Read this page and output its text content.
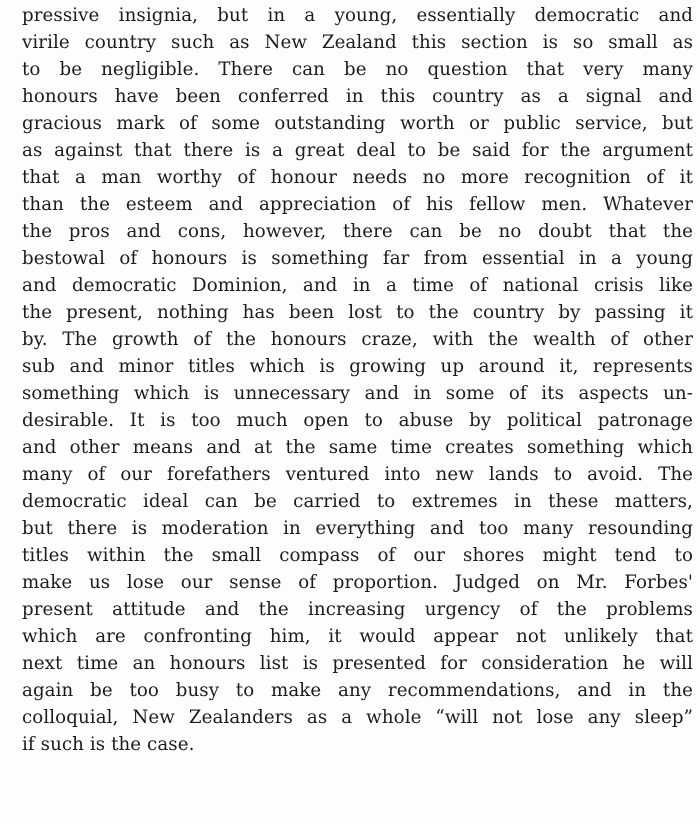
pressive insignia, but in a young, essentially democratic and
virile country such as New Zealand this section is so small as
to be negligible. There can be no question that very many
honours have been conferred in this country as a signal and
gracious mark of some outstanding worth or public service, but
as against that there is a great deal to be said for the argument
that a man worthy of honour needs no more recognition of it
than the esteem and appreciation of his fellow men. Whatever
the pros and cons, however, there can be no doubt that the
bestowal of honours is something far from essential in a young
and democratic Dominion, and in a time of national crisis like
the present, nothing has been lost to the country by passing it
by. The growth of the honours craze, with the wealth of other
sub and minor titles which is growing up around it, represents
something which is unnecessary and in some of its aspects un-
desirable. It is too much open to abuse by political patronage
and other means and at the same time creates something which
many of our forefathers ventured into new lands to avoid. The
democratic ideal can be carried to extremes in these matters,
but there is moderation in everything and too many resounding
titles within the small compass of our shores might tend to
make us lose our sense of proportion. Judged on Mr. Forbes'
present attitude and the increasing urgency of the problems
which are confronting him, it would appear not unlikely that
next time an honours list is presented for consideration he will
again be too busy to make any recommendations, and in the
colloquial, New Zealanders as a whole “will not lose any sleep”
if such is the case.
